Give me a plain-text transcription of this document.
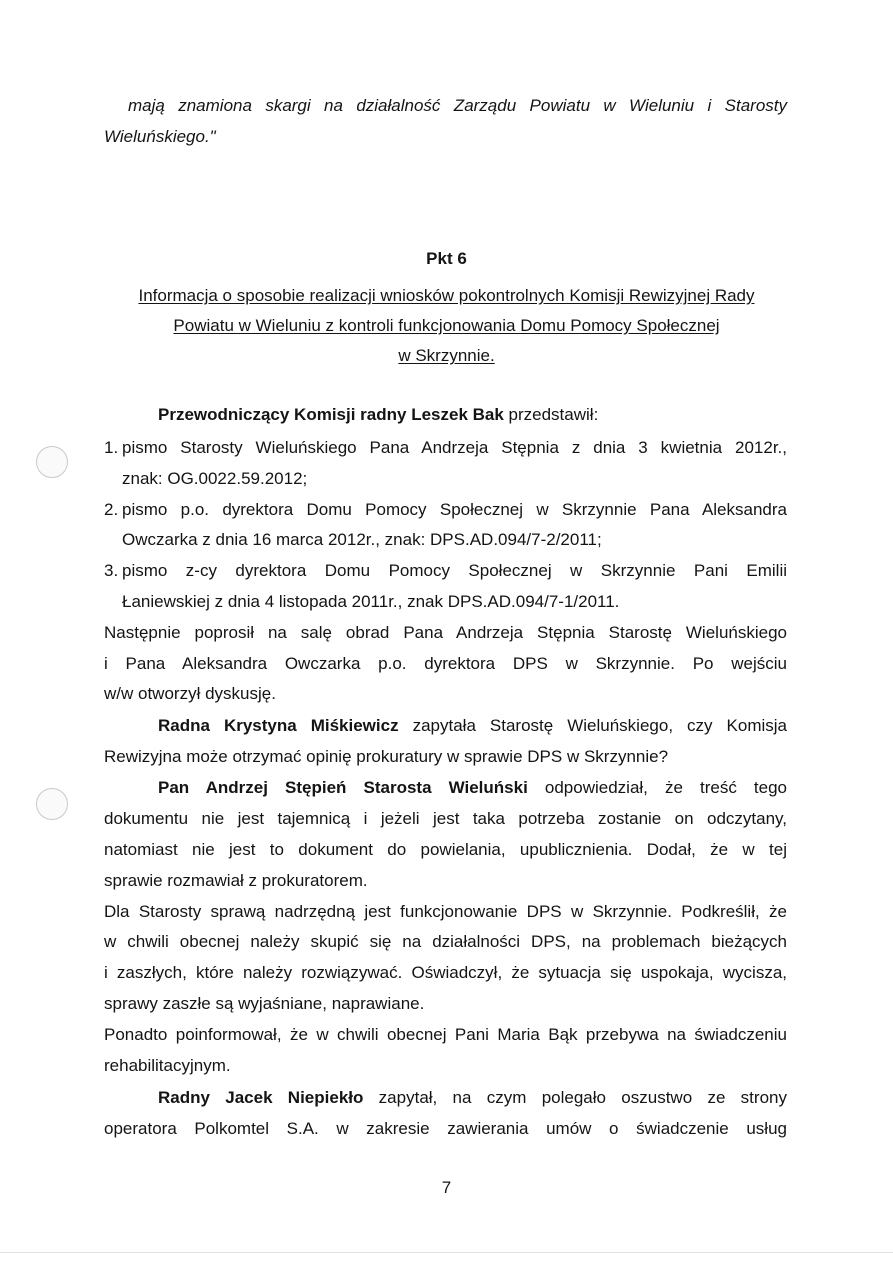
mają znamiona skargi na działalność Zarządu Powiatu w Wieluniu i Starosty
Wieluńskiego."
Pkt 6
Informacja o sposobie realizacji wniosków pokontrolnych Komisji Rewizyjnej Rady
Powiatu w Wieluniu z kontroli funkcjonowania Domu Pomocy Społecznej
w Skrzynnie.
Przewodniczący Komisji radny Leszek Bak przedstawił:
1. pismo Starosty Wieluńskiego Pana Andrzeja Stępnia z dnia 3 kwietnia 2012r.,
znak: OG.0022.59.2012;
2. pismo p.o. dyrektora Domu Pomocy Społecznej w Skrzynnie Pana Aleksandra
Owczarka z dnia 16 marca 2012r., znak: DPS.AD.094/7-2/2011;
3. pismo z-cy dyrektora Domu Pomocy Społecznej w Skrzynnie Pani Emilii
Łaniewskiej z dnia 4 listopada 2011r., znak DPS.AD.094/7-1/2011.
Następnie poprosił na salę obrad Pana Andrzeja Stępnia Starostę Wieluńskiego
i Pana Aleksandra Owczarka p.o. dyrektora DPS w Skrzynnie. Po wejściu
w/w otworzył dyskusję.
Radna Krystyna Miśkiewicz zapytała Starostę Wieluńskiego, czy Komisja
Rewizyjna może otrzymać opinię prokuratury w sprawie DPS w Skrzynnie?
Pan Andrzej Stępień Starosta Wieluński odpowiedział, że treść tego
dokumentu nie jest tajemnicą i jeżeli jest taka potrzeba zostanie on odczytany,
natomiast nie jest to dokument do powielania, upublicznienia. Dodał, że w tej
sprawie rozmawiał z prokuratorem.
Dla Starosty sprawą nadrzędną jest funkcjonowanie DPS w Skrzynnie. Podkreślił, że
w chwili obecnej należy skupić się na działalności DPS, na problemach bieżących
i zaszłych, które należy rozwiązywać. Oświadczył, że sytuacja się uspokaja, wycisza,
sprawy zaszłe są wyjaśniane, naprawiane.
Ponadto poinformował, że w chwili obecnej Pani Maria Bąk przebywa na świadczeniu
rehabilitacyjnym.
Radny Jacek Niepiekło zapytał, na czym polegało oszustwo ze strony
operatora Polkomtel S.A. w zakresie zawierania umów o świadczenie usług
7
